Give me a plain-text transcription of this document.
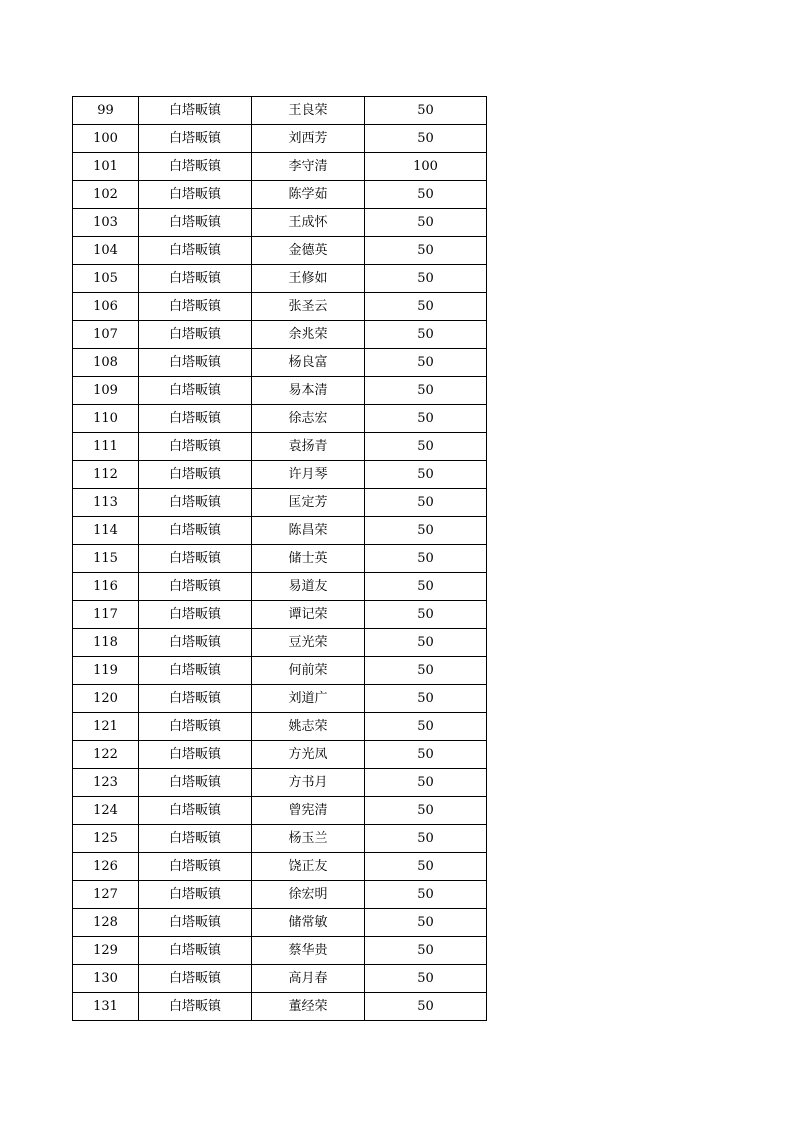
99	白塔畈镇	王良荣	50
100	白塔畈镇	刘西芳	50
101	白塔畈镇	李守清	100
102	白塔畈镇	陈学茹	50
103	白塔畈镇	王成怀	50
104	白塔畈镇	金德英	50
105	白塔畈镇	王修如	50
106	白塔畈镇	张圣云	50
107	白塔畈镇	余兆荣	50
108	白塔畈镇	杨良富	50
109	白塔畈镇	易本清	50
110	白塔畈镇	徐志宏	50
111	白塔畈镇	袁扬青	50
112	白塔畈镇	许月琴	50
113	白塔畈镇	匡定芳	50
114	白塔畈镇	陈昌荣	50
115	白塔畈镇	储士英	50
116	白塔畈镇	易道友	50
117	白塔畈镇	谭记荣	50
118	白塔畈镇	豆光荣	50
119	白塔畈镇	何前荣	50
120	白塔畈镇	刘道广	50
121	白塔畈镇	姚志荣	50
122	白塔畈镇	方光凤	50
123	白塔畈镇	方书月	50
124	白塔畈镇	曾宪清	50
125	白塔畈镇	杨玉兰	50
126	白塔畈镇	饶正友	50
127	白塔畈镇	徐宏明	50
128	白塔畈镇	储常敏	50
129	白塔畈镇	蔡华贵	50
130	白塔畈镇	高月春	50
131	白塔畈镇	董经荣	50
